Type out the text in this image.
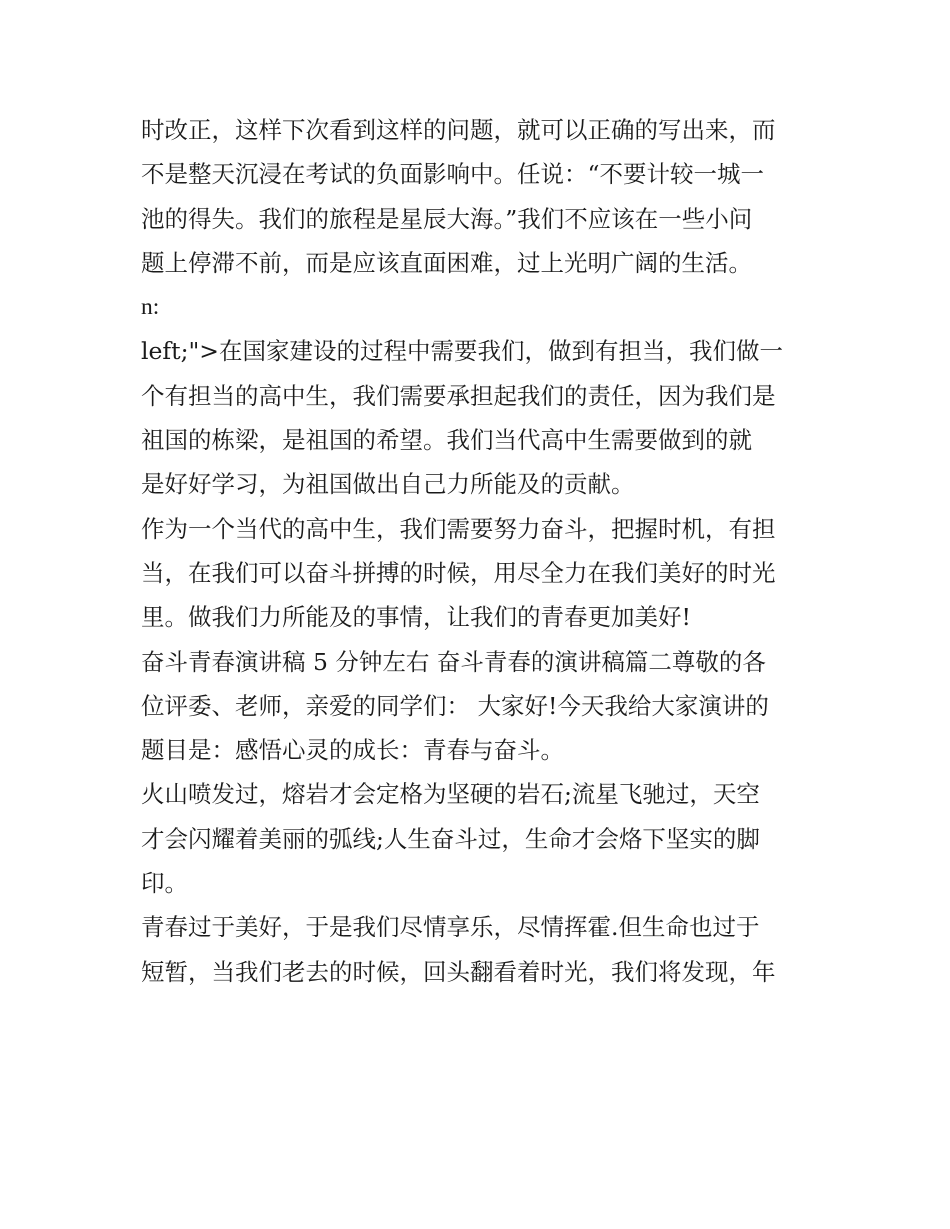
时改正，这样下次看到这样的问题，就可以正确的写出来，而
不是整天沉浸在考试的负面影响中。任说：“不要计较一城一
池的得失。我们的旅程是星辰大海。”我们不应该在一些小问
题上停滞不前，而是应该直面困难，过上光明广阔的生活。
n:
left;">在国家建设的过程中需要我们，做到有担当，我们做一
个有担当的高中生，我们需要承担起我们的责任，因为我们是
祖国的栋梁，是祖国的希望。我们当代高中生需要做到的就
是好好学习，为祖国做出自己力所能及的贡献。
作为一个当代的高中生，我们需要努力奋斗，把握时机，有担
当，在我们可以奋斗拼搏的时候，用尽全力在我们美好的时光
里。做我们力所能及的事情，让我们的青春更加美好!
奋斗青春演讲稿 5 分钟左右 奋斗青春的演讲稿篇二尊敬的各
位评委、老师，亲爱的同学们： 大家好!今天我给大家演讲的
题目是：感悟心灵的成长：青春与奋斗。
火山喷发过，熔岩才会定格为坚硬的岩石;流星飞驰过，天空
才会闪耀着美丽的弧线;人生奋斗过，生命才会烙下坚实的脚
印。
青春过于美好，于是我们尽情享乐，尽情挥霍.但生命也过于
短暂，当我们老去的时候，回头翻看着时光，我们将发现，年
